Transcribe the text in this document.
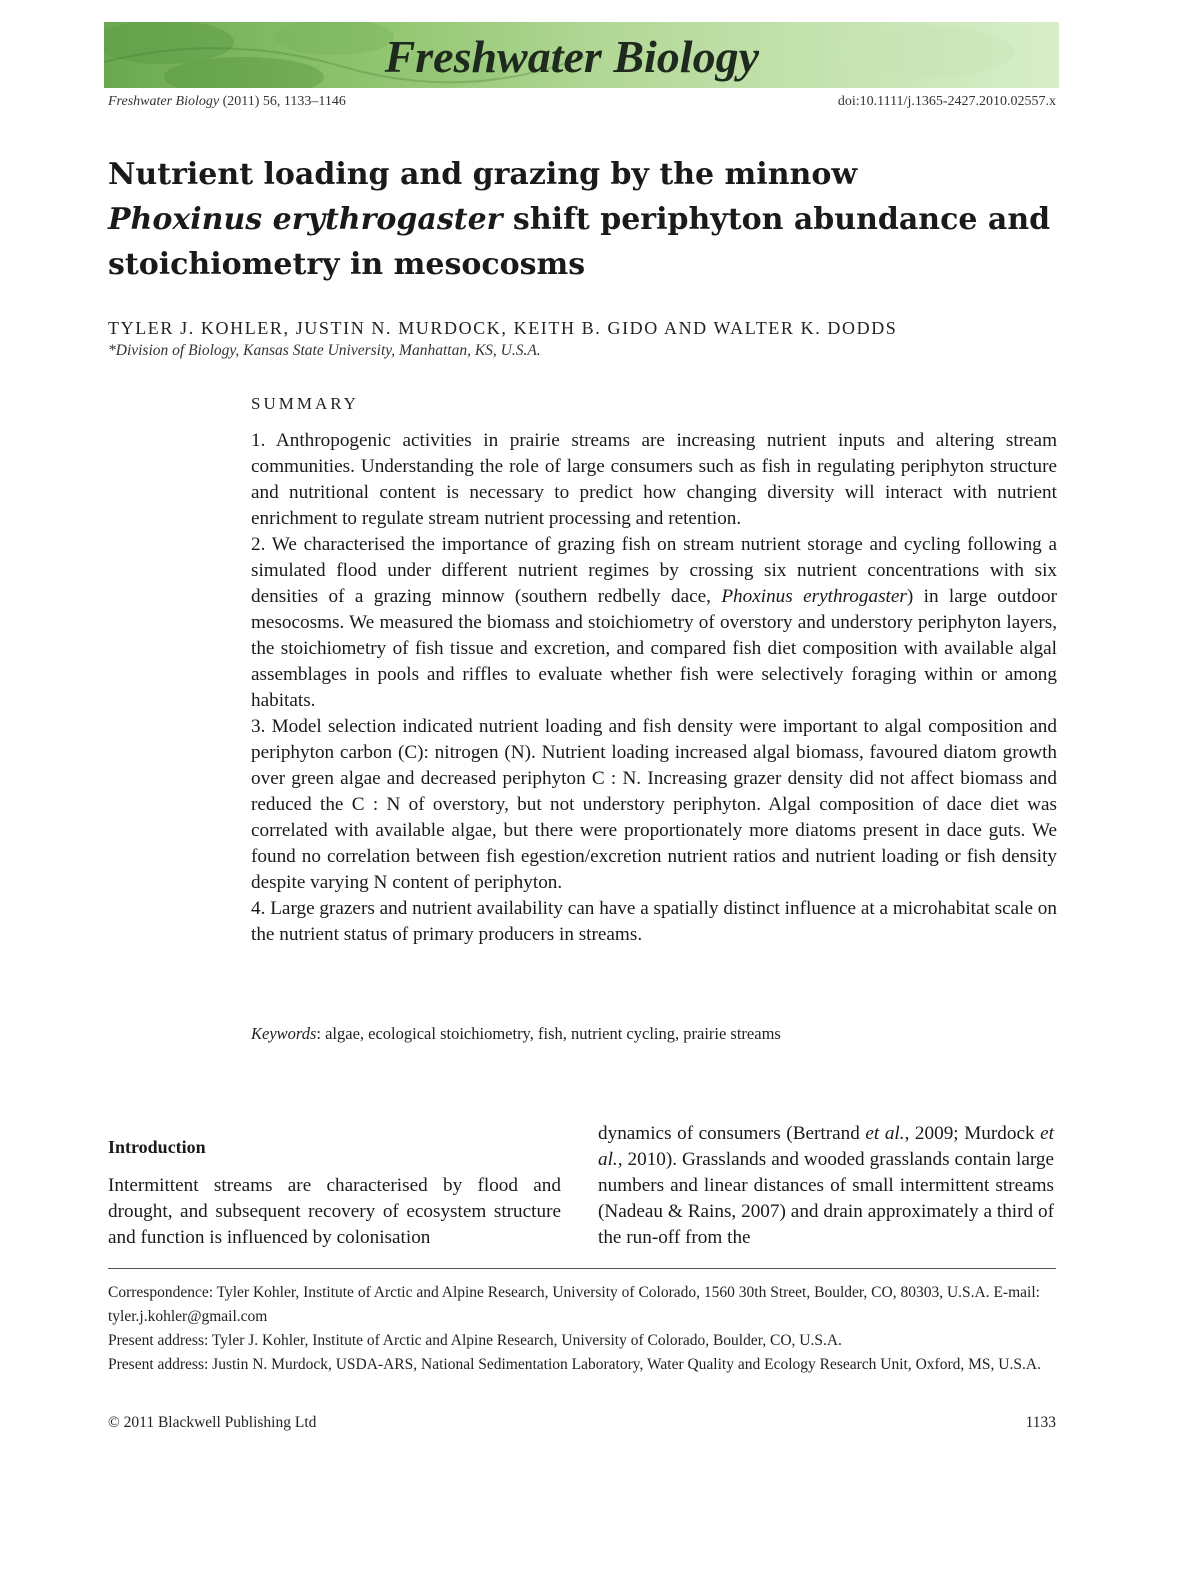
Freshwater Biology
Freshwater Biology (2011) 56, 1133–1146	doi:10.1111/j.1365-2427.2010.02557.x
Nutrient loading and grazing by the minnow
Phoxinus erythrogaster shift periphyton abundance and stoichiometry in mesocosms
TYLER J. KOHLER, JUSTIN N. MURDOCK, KEITH B. GIDO AND WALTER K. DODDS
*Division of Biology, Kansas State University, Manhattan, KS, U.S.A.
SUMMARY

1. Anthropogenic activities in prairie streams are increasing nutrient inputs and altering stream communities. Understanding the role of large consumers such as fish in regulating periphyton structure and nutritional content is necessary to predict how changing diversity will interact with nutrient enrichment to regulate stream nutrient processing and retention.

2. We characterised the importance of grazing fish on stream nutrient storage and cycling following a simulated flood under different nutrient regimes by crossing six nutrient concentrations with six densities of a grazing minnow (southern redbelly dace, Phoxinus erythrogaster) in large outdoor mesocosms. We measured the biomass and stoichiometry of overstory and understory periphyton layers, the stoichiometry of fish tissue and excretion, and compared fish diet composition with available algal assemblages in pools and riffles to evaluate whether fish were selectively foraging within or among habitats.

3. Model selection indicated nutrient loading and fish density were important to algal composition and periphyton carbon (C): nitrogen (N). Nutrient loading increased algal biomass, favoured diatom growth over green algae and decreased periphyton C : N. Increasing grazer density did not affect biomass and reduced the C : N of overstory, but not understory periphyton. Algal composition of dace diet was correlated with available algae, but there were proportionately more diatoms present in dace guts. We found no correlation between fish egestion/excretion nutrient ratios and nutrient loading or fish density despite varying N content of periphyton.

4. Large grazers and nutrient availability can have a spatially distinct influence at a microhabitat scale on the nutrient status of primary producers in streams.

Keywords: algae, ecological stoichiometry, fish, nutrient cycling, prairie streams
Introduction

Intermittent streams are characterised by flood and drought, and subsequent recovery of ecosystem structure and function is influenced by colonisation

dynamics of consumers (Bertrand et al., 2009; Murdock et al., 2010). Grasslands and wooded grasslands contain large numbers and linear distances of small intermittent streams (Nadeau & Rains, 2007) and drain approximately a third of the run-off from the

Correspondence: Tyler Kohler, Institute of Arctic and Alpine Research, University of Colorado, 1560 30th Street, Boulder, CO, 80303, U.S.A. E-mail: tyler.j.kohler@gmail.com

Present address: Tyler J. Kohler, Institute of Arctic and Alpine Research, University of Colorado, Boulder, CO, U.S.A.

Present address: Justin N. Murdock, USDA-ARS, National Sedimentation Laboratory, Water Quality and Ecology Research Unit, Oxford, MS, U.S.A.

© 2011 Blackwell Publishing Ltd	1133
